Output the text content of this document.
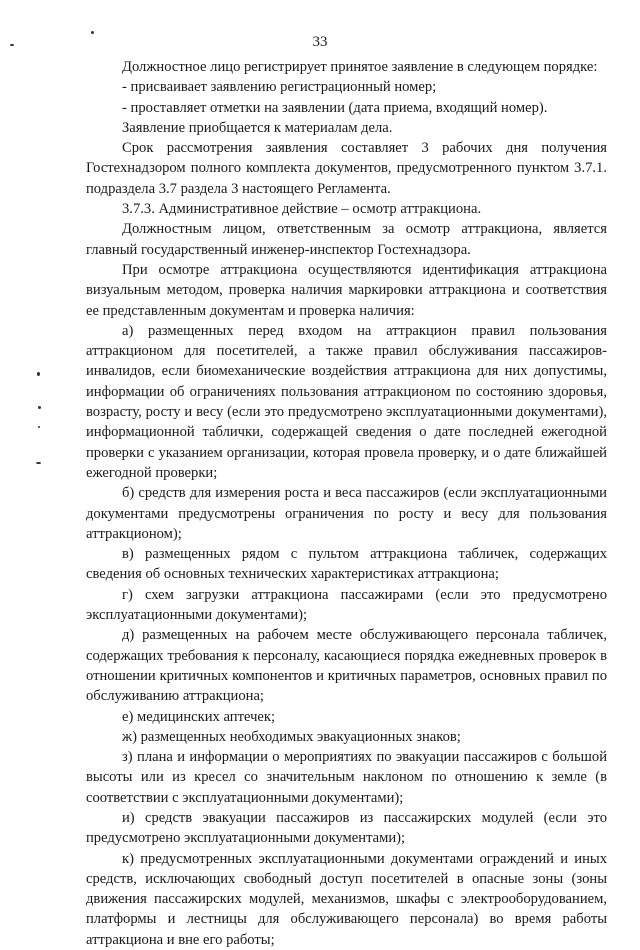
33

Должностное лицо регистрирует принятое заявление в следующем порядке:

- присваивает заявлению регистрационный номер;

- проставляет отметки на заявлении (дата приема, входящий номер).

Заявление приобщается к материалам дела.

Срок рассмотрения заявления составляет 3 рабочих дня получения Гостехнадзором полного комплекта документов, предусмотренного пунктом 3.7.1. подраздела 3.7 раздела 3 настоящего Регламента.

3.7.3. Административное действие – осмотр аттракциона.

Должностным лицом, ответственным за осмотр аттракциона, является главный государственный инженер-инспектор Гостехнадзора.

При осмотре аттракциона осуществляются идентификация аттракциона визуальным методом, проверка наличия маркировки аттракциона и соответствия ее представленным документам и проверка наличия:

а) размещенных перед входом на аттракцион правил пользования аттракционом для посетителей, а также правил обслуживания пассажиров-инвалидов, если биомеханические воздействия аттракциона для них допустимы, информации об ограничениях пользования аттракционом по состоянию здоровья, возрасту, росту и весу (если это предусмотрено эксплуатационными документами), информационной таблички, содержащей сведения о дате последней ежегодной проверки с указанием организации, которая провела проверку, и о дате ближайшей ежегодной проверки;

б) средств для измерения роста и веса пассажиров (если эксплуатационными документами предусмотрены ограничения по росту и весу для пользования аттракционом);

в) размещенных рядом с пультом аттракциона табличек, содержащих сведения об основных технических характеристиках аттракциона;

г) схем загрузки аттракциона пассажирами (если это предусмотрено эксплуатационными документами);

д) размещенных на рабочем месте обслуживающего персонала табличек, содержащих требования к персоналу, касающиеся порядка ежедневных проверок в отношении критичных компонентов и критичных параметров, основных правил по обслуживанию аттракциона;

е) медицинских аптечек;

ж) размещенных необходимых эвакуационных знаков;

з) плана и информации о мероприятиях по эвакуации пассажиров с большой высоты или из кресел со значительным наклоном по отношению к земле (в соответствии с эксплуатационными документами);

и) средств эвакуации пассажиров из пассажирских модулей (если это предусмотрено эксплуатационными документами);

к) предусмотренных эксплуатационными документами ограждений и иных средств, исключающих свободный доступ посетителей в опасные зоны (зоны движения пассажирских модулей, механизмов, шкафы с электрооборудованием, платформы и лестницы для обслуживающего персонала) во время работы аттракциона и вне его работы;
